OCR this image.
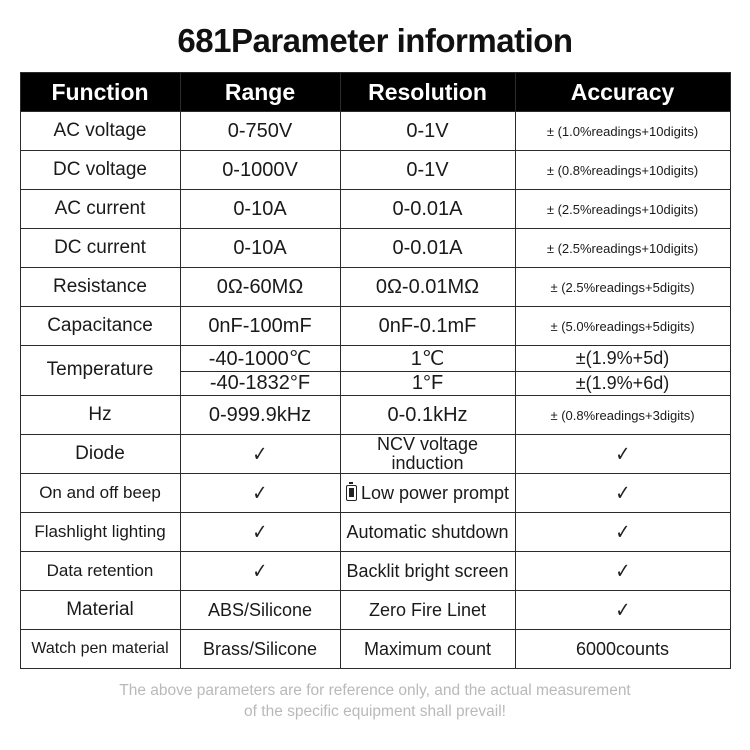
681Parameter information
Function	Range	Resolution	Accuracy
AC voltage	0-750V	0-1V	± (1.0%readings+10digits)
DC voltage	0-1000V	0-1V	± (0.8%readings+10digits)
AC current	0-10A	0-0.01A	± (2.5%readings+10digits)
DC current	0-10A	0-0.01A	± (2.5%readings+10digits)
Resistance	0Ω-60MΩ	0Ω-0.01MΩ	± (2.5%readings+5digits)
Capacitance	0nF-100mF	0nF-0.1mF	± (5.0%readings+5digits)
Temperature	-40-1000℃	1℃	±(1.9%+5d)
	-40-1832°F	1°F	±(1.9%+6d)
Hz	0-999.9kHz	0-0.1kHz	± (0.8%readings+3digits)
Diode	✓	NCV voltage induction	✓
On and off beep	✓	Low power prompt	✓
Flashlight lighting	✓	Automatic shutdown	✓
Data retention	✓	Backlit bright screen	✓
Material	ABS/Silicone	Zero Fire Linet	✓
Watch pen material	Brass/Silicone	Maximum count	6000counts
The above parameters are for reference only, and the actual measurement
of the specific equipment shall prevail!
